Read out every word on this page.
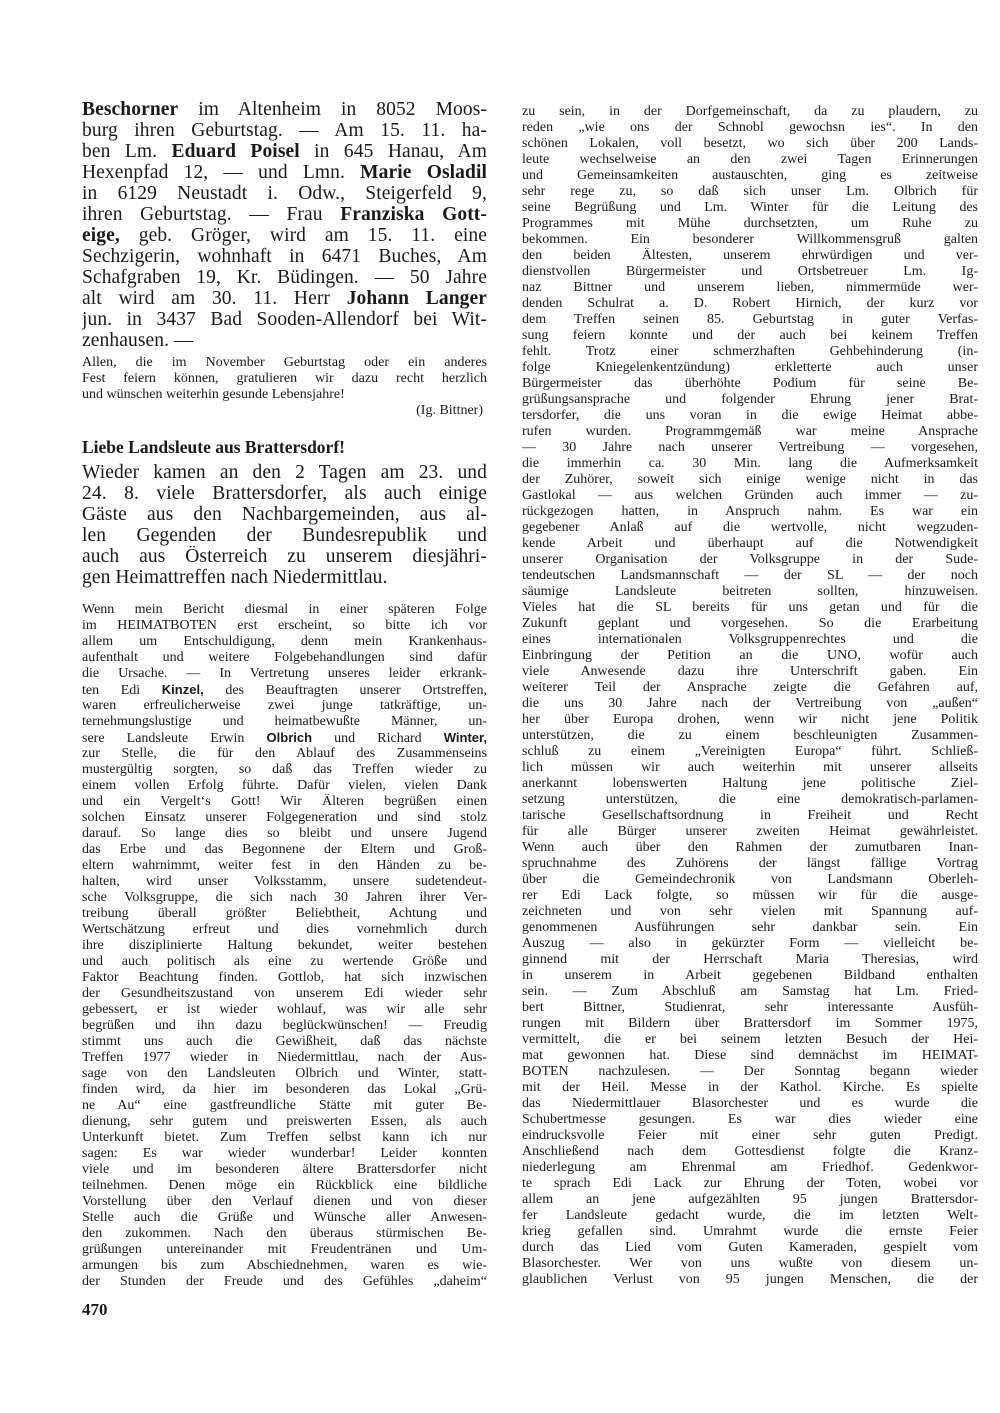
Beschorner im Altenheim in 8052 Moos-
burg ihren Geburtstag. — Am 15. 11. ha-
ben Lm. Eduard Poisel in 645 Hanau, Am
Hexenpfad 12, — und Lmn. Marie Osladil
in 6129 Neustadt i. Odw., Steigerfeld 9,
ihren Geburtstag. — Frau Franziska Gott-
eige, geb. Gröger, wird am 15. 11. eine
Sechzigerin, wohnhaft in 6471 Buches, Am
Schafgraben 19, Kr. Büdingen. — 50 Jahre
alt wird am 30. 11. Herr Johann Langer
jun. in 3437 Bad Sooden-Allendorf bei Wit-
zenhausen. —
Allen, die im November Geburtstag oder ein anderes
Fest feiern können, gratulieren wir dazu recht herzlich
und wünschen weiterhin gesunde Lebensjahre!
(Ig. Bittner)
Liebe Landsleute aus Brattersdorf!
Wieder kamen an den 2 Tagen am 23. und
24. 8. viele Brattersdorfer, als auch einige
Gäste aus den Nachbargemeinden, aus al-
len Gegenden der Bundesrepublik und
auch aus Österreich zu unserem diesjähri-
gen Heimattreffen nach Niedermittlau.
Wenn mein Bericht diesmal in einer späteren Folge
im HEIMATBOTEN erst erscheint, so bitte ich vor
allem um Entschuldigung, denn mein Krankenhaus-
aufenthalt und weitere Folgebehandlungen sind dafür
die Ursache. — In Vertretung unseres leider erkrank-
ten Edi Kinzel, des Beauftragten unserer Ortstreffen,
waren erfreulicherweise zwei junge tatkräftige, un-
ternehmungslustige und heimatbewußte Männer, un-
sere Landsleute Erwin Olbrich und Richard Winter,
zur Stelle, die für den Ablauf des Zusammenseins
mustergültig sorgten, so daß das Treffen wieder zu
einem vollen Erfolg führte. Dafür vielen, vielen Dank
und ein Vergelt‘s Gott! Wir Älteren begrüßen einen
solchen Einsatz unserer Folgegeneration und sind stolz
darauf. So lange dies so bleibt und unsere Jugend
das Erbe und das Begonnene der Eltern und Groß-
eltern wahrnimmt, weiter fest in den Händen zu be-
halten, wird unser Volksstamm, unsere sudetendeut-
sche Volksgruppe, die sich nach 30 Jahren ihrer Ver-
treibung überall größter Beliebtheit, Achtung und
Wertschätzung erfreut und dies vornehmlich durch
ihre disziplinierte Haltung bekundet, weiter bestehen
und auch politisch als eine zu wertende Größe und
Faktor Beachtung finden. Gottlob, hat sich inzwischen
der Gesundheitszustand von unserem Edi wieder sehr
gebessert, er ist wieder wohlauf, was wir alle sehr
begrüßen und ihn dazu beglückwünschen! — Freudig
stimmt uns auch die Gewißheit, daß das nächste
Treffen 1977 wieder in Niedermittlau, nach der Aus-
sage von den Landsleuten Olbrich und Winter, statt-
finden wird, da hier im besonderen das Lokal „Grü-
ne Au“ eine gastfreundliche Stätte mit guter Be-
dienung, sehr gutem und preiswerten Essen, als auch
Unterkunft bietet. Zum Treffen selbst kann ich nur
sagen: Es war wieder wunderbar! Leider konnten
viele und im besonderen ältere Brattersdorfer nicht
teilnehmen. Denen möge ein Rückblick eine bildliche
Vorstellung über den Verlauf dienen und von dieser
Stelle auch die Grüße und Wünsche aller Anwesen-
den zukommen. Nach den überaus stürmischen Be-
grüßungen untereinander mit Freudentränen und Um-
armungen bis zum Abschiednehmen, waren es wie-
der Stunden der Freude und des Gefühles „daheim“
zu sein, in der Dorfgemeinschaft, da zu plaudern, zu
reden „wie ons der Schnobl gewochsn ies“. In den
schönen Lokalen, voll besetzt, wo sich über 200 Lands-
leute wechselweise an den zwei Tagen Erinnerungen
und Gemeinsamkeiten austauschten, ging es zeitweise
sehr rege zu, so daß sich unser Lm. Olbrich für
seine Begrüßung und Lm. Winter für die Leitung des
Programmes mit Mühe durchsetzten, um Ruhe zu
bekommen. Ein besonderer Willkommensgruß galten
den beiden Ältesten, unserem ehrwürdigen und ver-
dienstvollen Bürgermeister und Ortsbetreuer Lm. Ig-
naz Bittner und unserem lieben, nimmermüde wer-
denden Schulrat a. D. Robert Hirnich, der kurz vor
dem Treffen seinen 85. Geburtstag in guter Verfas-
sung feiern konnte und der auch bei keinem Treffen
fehlt. Trotz einer schmerzhaften Gehbehinderung (in-
folge Kniegelenkentzündung) erkletterte auch unser
Bürgermeister das überhöhte Podium für seine Be-
grüßungsansprache und folgender Ehrung jener Brat-
tersdorfer, die uns voran in die ewige Heimat abbe-
rufen wurden. Programmgemäß war meine Ansprache
— 30 Jahre nach unserer Vertreibung — vorgesehen,
die immerhin ca. 30 Min. lang die Aufmerksamkeit
der Zuhörer, soweit sich einige wenige nicht in das
Gastlokal — aus welchen Gründen auch immer — zu-
rückgezogen hatten, in Anspruch nahm. Es war ein
gegebener Anlaß auf die wertvolle, nicht wegzuden-
kende Arbeit und überhaupt auf die Notwendigkeit
unserer Organisation der Volksgruppe in der Sude-
tendeutschen Landsmannschaft — der SL — der noch
säumige Landsleute beitreten sollten, hinzuweisen.
Vieles hat die SL bereits für uns getan und für die
Zukunft geplant und vorgesehen. So die Erarbeitung
eines internationalen Volksgruppenrechtes und die
Einbringung der Petition an die UNO, wofür auch
viele Anwesende dazu ihre Unterschrift gaben. Ein
weiterer Teil der Ansprache zeigte die Gefahren auf,
die uns 30 Jahre nach der Vertreibung von „außen“
her über Europa drohen, wenn wir nicht jene Politik
unterstützen, die zu einem beschleunigten Zusammen-
schluß zu einem „Vereinigten Europa“ führt. Schließ-
lich müssen wir auch weiterhin mit unserer allseits
anerkannt lobenswerten Haltung jene politische Ziel-
setzung unterstützen, die eine demokratisch-parlamen-
tarische Gesellschaftsordnung in Freiheit und Recht
für alle Bürger unserer zweiten Heimat gewährleistet.
Wenn auch über den Rahmen der zumutbaren Inan-
spruchnahme des Zuhörens der längst fällige Vortrag
über die Gemeindechronik von Landsmann Oberleh-
rer Edi Lack folgte, so müssen wir für die ausge-
zeichneten und von sehr vielen mit Spannung auf-
genommenen Ausführungen sehr dankbar sein. Ein
Auszug — also in gekürzter Form — vielleicht be-
ginnend mit der Herrschaft Maria Theresias, wird
in unserem in Arbeit gegebenen Bildband enthalten
sein. — Zum Abschluß am Samstag hat Lm. Fried-
bert Bittner, Studienrat, sehr interessante Ausfüh-
rungen mit Bildern über Brattersdorf im Sommer 1975,
vermittelt, die er bei seinem letzten Besuch der Hei-
mat gewonnen hat. Diese sind demnächst im HEIMAT-
BOTEN nachzulesen. — Der Sonntag begann wieder
mit der Heil. Messe in der Kathol. Kirche. Es spielte
das Niedermittlauer Blasorchester und es wurde die
Schubertmesse gesungen. Es war dies wieder eine
eindrucksvolle Feier mit einer sehr guten Predigt.
Anschließend nach dem Gottesdienst folgte die Kranz-
niederlegung am Ehrenmal am Friedhof. Gedenkwor-
te sprach Edi Lack zur Ehrung der Toten, wobei vor
allem an jene aufgezählten 95 jungen Brattersdor-
fer Landsleute gedacht wurde, die im letzten Welt-
krieg gefallen sind. Umrahmt wurde die ernste Feier
durch das Lied vom Guten Kameraden, gespielt vom
Blasorchester. Wer von uns wußte von diesem un-
glaublichen Verlust von 95 jungen Menschen, die der
470
